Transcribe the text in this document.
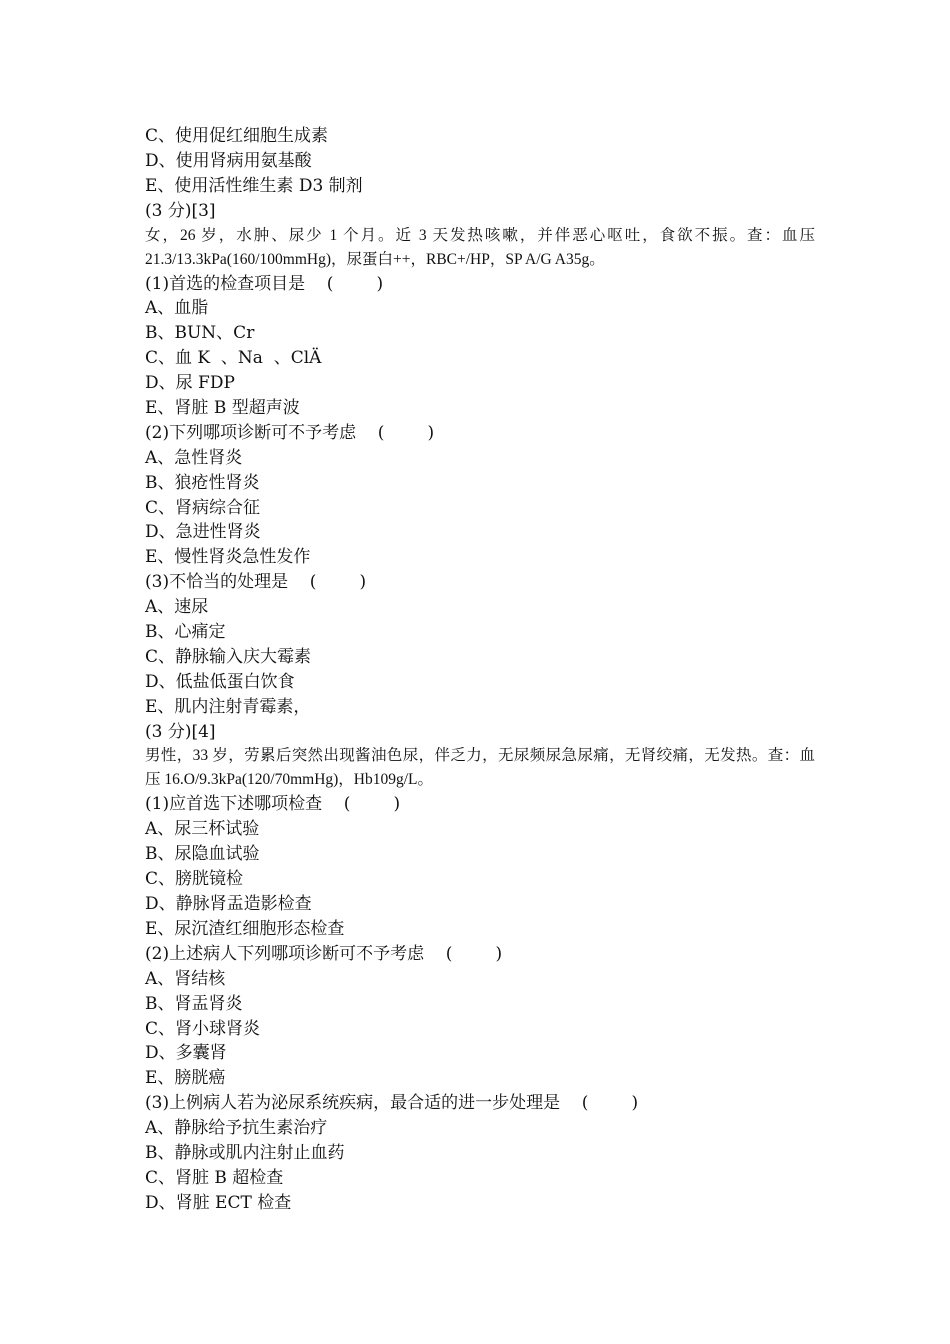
C、使用促红细胞生成素

D、使用肾病用氨基酸

E、使用活性维生素 D3 制剂

(3 分)[3]

女，26 岁，水肿、尿少 1 个月。近 3 天发热咳嗽，并伴恶心呕吐，食欲不振。查：血压 21.3/13.3kPa(160/100mmHg)，尿蛋白++，RBC+/HP，SP A/G A35g。

(1)首选的检查项目是    (        )

A、血脂

B、BUN、Cr

C、血 K  、Na  、ClÄ

D、尿 FDP

E、肾脏 B 型超声波

(2)下列哪项诊断可不予考虑    (        )

A、急性肾炎

B、狼疮性肾炎

C、肾病综合征

D、急进性肾炎

E、慢性肾炎急性发作

(3)不恰当的处理是    (        )

A、速尿

B、心痛定

C、静脉输入庆大霉素

D、低盐低蛋白饮食

E、肌内注射青霉素，

(3 分)[4]

男性，33 岁，劳累后突然出现酱油色尿，伴乏力，无尿频尿急尿痛，无肾绞痛，无发热。查：血压 16.O/9.3kPa(120/70mmHg)，Hb109g/L。

(1)应首选下述哪项检查    (        )

A、尿三杯试验

B、尿隐血试验

C、膀胱镜检

D、静脉肾盂造影检查

E、尿沉渣红细胞形态检查

(2)上述病人下列哪项诊断可不予考虑    (        )

A、肾结核

B、肾盂肾炎

C、肾小球肾炎

D、多囊肾

E、膀胱癌

(3)上例病人若为泌尿系统疾病，最合适的进一步处理是    (        )

A、静脉给予抗生素治疗

B、静脉或肌内注射止血药

C、肾脏 B 超检查

D、肾脏 ECT 检查
